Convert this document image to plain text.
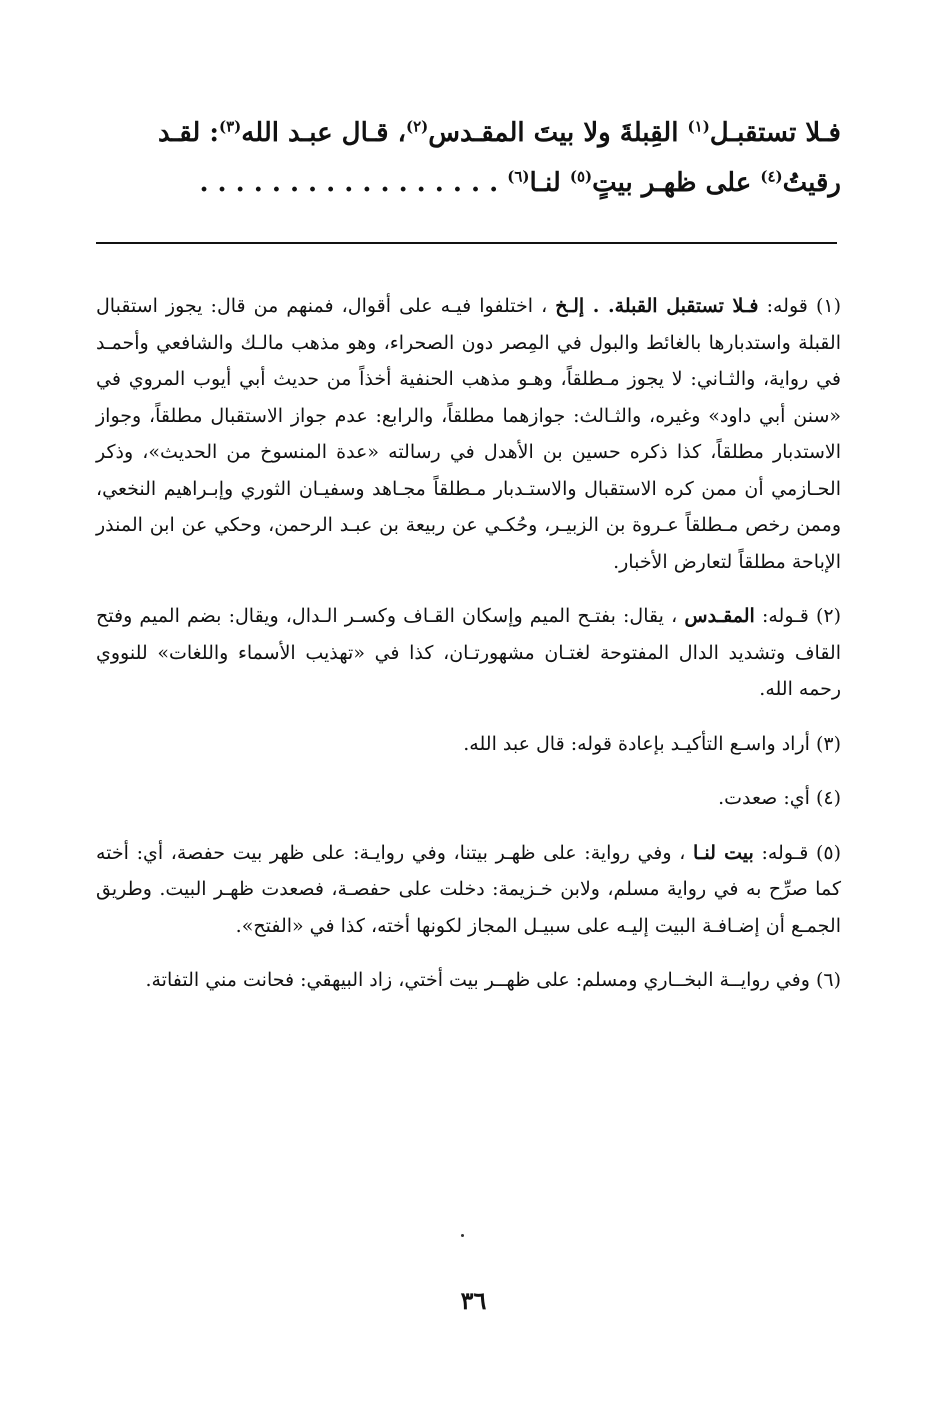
فـلا تستقبـل$^{(١)}$ القِبلةَ ولا بيتَ المقـدس$^{(٢)}$، قـال عبـد الله$^{(٣)}$: لقـد
رقيتُ$^{(٤)}$ على ظهـر بيتٍ$^{(٥)}$ لنـا$^{(٦)}$ . . . . . . . . . . . . . . . . .

(١) قوله: فـلا تستقبل القبلة. . إلـخ ، اختلفوا فيـه على أقوال، فمنهم من قال: يجوز استقبال القبلة واستدبارها بالغائط والبول في المِصر دون الصحراء، وهو مذهب مالـك والشافعي وأحمـد في رواية، والثـاني: لا يجوز مـطلقاً، وهـو مذهب الحنفية أخذاً من حديث أبي أيوب المروي في «سنن أبي داود» وغيره، والثـالث: جوازهما مطلقاً، والرابع: عدم جواز الاستقبال مطلقاً، وجواز الاستدبار مطلقاً، كذا ذكره حسين بن الأهدل في رسالته «عدة المنسوخ من الحديث»، وذكر الحـازمي أن ممن كره الاستقبال والاستـدبار مـطلقاً مجـاهد وسفيـان الثوري وإبـراهيم النخعي، وممن رخص مـطلقاً عـروة بن الزبيـر، وحُكـي عن ربيعة بن عبـد الرحمن، وحكي عن ابن المنذر الإباحة مطلقاً لتعارض الأخبار.

(٢) قـوله: المقـدس ، يقال: بفتـح الميم وإسكان القـاف وكسـر الـدال، ويقال: بضم الميم وفتح القاف وتشديد الدال المفتوحة لغتـان مشهورتـان، كذا في «تهذيب الأسماء واللغات» للنووي رحمه الله.

(٣) أراد واسـع التأكيـد بإعادة قوله: قال عبد الله.

(٤) أي: صعدت.

(٥) قـوله: بيت لنـا ، وفي رواية: على ظهـر بيتنا، وفي روايـة: على ظهر بيت حفصة، أي: أخته كما صرِّح به في رواية مسلم، ولابن خـزيمة: دخلت على حفصـة، فصعدت ظهـر البيت. وطريق الجمـع أن إضـافـة البيت إليـه على سبيـل المجاز لكونها أخته، كذا في «الفتح».

(٦) وفي روايــة البخــاري ومسلم: على ظهــر بيت أختي، زاد البيهقي: فحانت مني التفاتة.

٣٦
